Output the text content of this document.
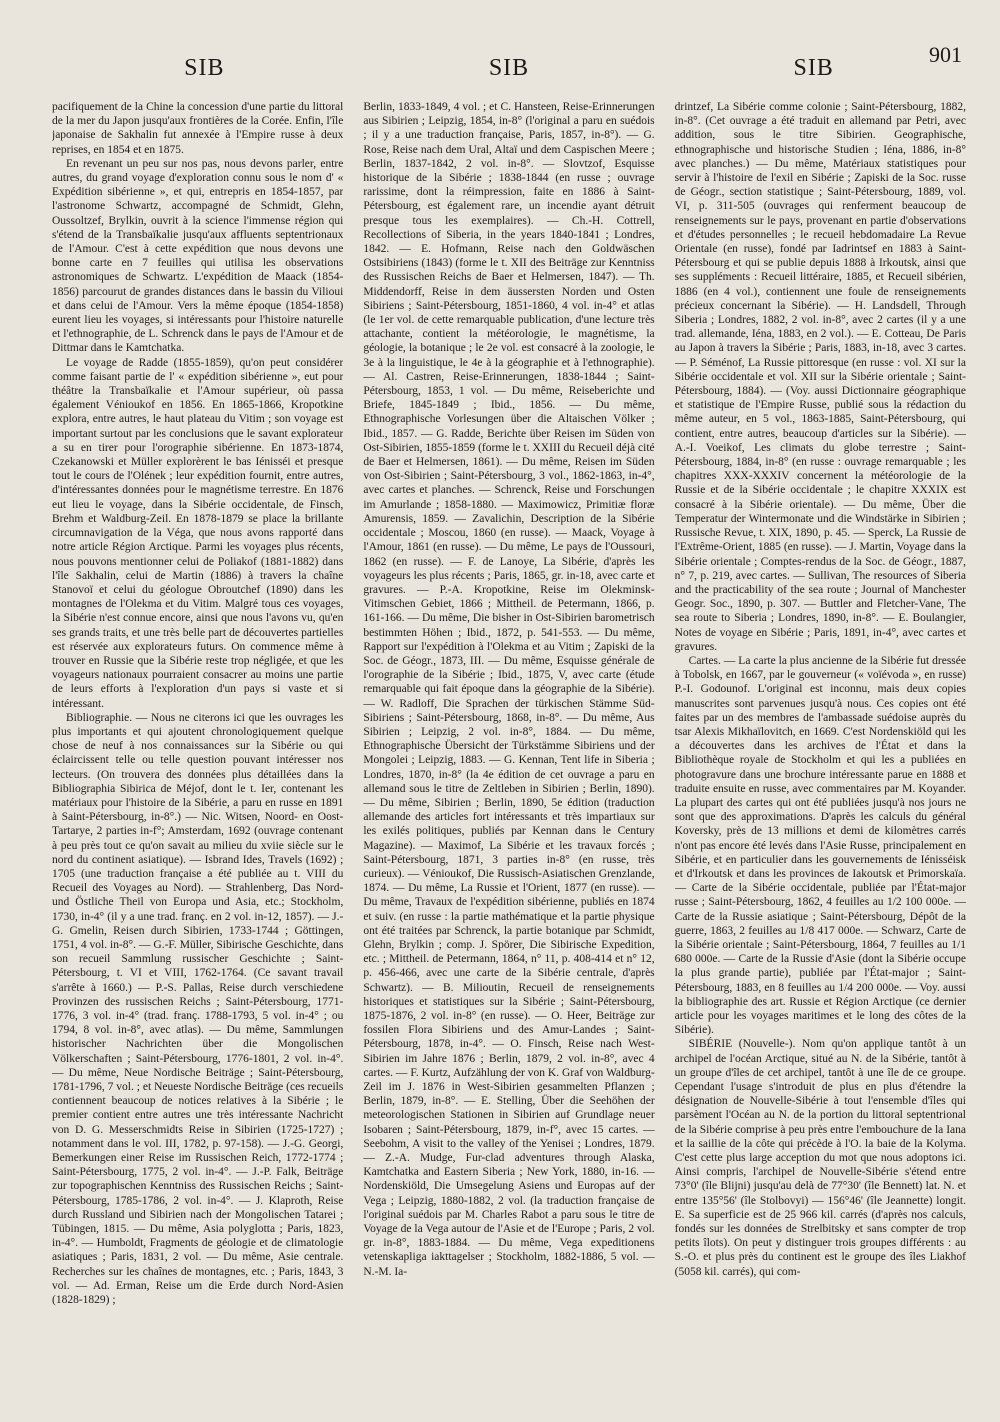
SIB	SIB	SIB
901

pacifiquement de la Chine la concession d'une partie du littoral de la mer du Japon jusqu'aux frontières de la Corée. Enfin, l'île japonaise de Sakhalin fut annexée à l'Empire russe à deux reprises, en 1854 et en 1875.

En revenant un peu sur nos pas, nous devons parler, entre autres, du grand voyage d'exploration connu sous le nom d' « Expédition sibérienne », et qui, entrepris en 1854-1857, par l'astronome Schwartz, accompagné de Schmidt, Glehn, Oussoltzef, Brylkin, ouvrit à la science l'immense région qui s'étend de la Transbaïkalie jusqu'aux affluents septentrionaux de l'Amour. C'est à cette expédition que nous devons une bonne carte en 7 feuilles qui utilisa les observations astronomiques de Schwartz. L'expédition de Maack (1854-1856) parcourut de grandes distances dans le bassin du Vilioui et dans celui de l'Amour. Vers la même époque (1854-1858) eurent lieu les voyages, si intéressants pour l'histoire naturelle et l'ethnographie, de L. Schrenck dans le pays de l'Amour et de Dittmar dans le Kamtchatka.

Le voyage de Radde (1855-1859), qu'on peut considérer comme faisant partie de l' « expédition sibérienne », eut pour théâtre la Transbaïkalie et l'Amour supérieur, où passa également Vénioukof en 1856. En 1865-1866, Kropotkine explora, entre autres, le haut plateau du Vitim ; son voyage est important surtout par les conclusions que le savant explorateur a su en tirer pour l'orographie sibérienne. En 1873-1874, Czekanowski et Müller explorèrent le bas Iénisséi et presque tout le cours de l'Olének ; leur expédition fournit, entre autres, d'intéressantes données pour le magnétisme terrestre. En 1876 eut lieu le voyage, dans la Sibérie occidentale, de Finsch, Brehm et Waldburg-Zeil. En 1878-1879 se place la brillante circumnavigation de la Véga, que nous avons rapporté dans notre article Région Arctique. Parmi les voyages plus récents, nous pouvons mentionner celui de Poliakof (1881-1882) dans l'île Sakhalin, celui de Martin (1886) à travers la chaîne Stanovoï et celui du géologue Obroutchef (1890) dans les montagnes de l'Olekma et du Vitim. Malgré tous ces voyages, la Sibérie n'est connue encore, ainsi que nous l'avons vu, qu'en ses grands traits, et une très belle part de découvertes partielles est réservée aux explorateurs futurs. On commence même à trouver en Russie que la Sibérie reste trop négligée, et que les voyageurs nationaux pourraient consacrer au moins une partie de leurs efforts à l'exploration d'un pays si vaste et si intéressant.

Bibliographie. — Nous ne citerons ici que les ouvrages les plus importants et qui ajoutent chronologiquement quelque chose de neuf à nos connaissances sur la Sibérie ou qui éclaircissent telle ou telle question pouvant intéresser nos lecteurs. (On trouvera des données plus détaillées dans la Bibliographia Sibirica de Méjof, dont le t. Ier, contenant les matériaux pour l'histoire de la Sibérie, a paru en russe en 1891 à Saint-Pétersbourg, in-8°.) — Nic. Witsen, Noord- en Oost-Tartarye, 2 parties in-f°; Amsterdam, 1692 (ouvrage contenant à peu près tout ce qu'on savait au milieu du xviie siècle sur le nord du continent asiatique). — Isbrand Ides, Travels (1692) ; 1705 (une traduction française a été publiée au t. VIII du Recueil des Voyages au Nord). — Strahlenberg, Das Nord- und Östliche Theil von Europa und Asia, etc.; Stockholm, 1730, in-4° (il y a une trad. franç. en 2 vol. in-12, 1857). — J.-G. Gmelin, Reisen durch Sibirien, 1733-1744 ; Göttingen, 1751, 4 vol. in-8°. — G.-F. Müller, Sibirische Geschichte, dans son recueil Sammlung russischer Geschichte ; Saint-Pétersbourg, t. VI et VIII, 1762-1764. (Ce savant travail s'arrête à 1660.) — P.-S. Pallas, Reise durch verschiedene Provinzen des russischen Reichs ; Saint-Pétersbourg, 1771-1776, 3 vol. in-4° (trad. franç. 1788-1793, 5 vol. in-4° ; ou 1794, 8 vol. in-8°, avec atlas). — Du même, Sammlungen historischer Nachrichten über die Mongolischen Völkerschaften ; Saint-Pétersbourg, 1776-1801, 2 vol. in-4°. — Du même, Neue Nordische Beiträge ; Saint-Pétersbourg, 1781-1796, 7 vol. ; et Neueste Nordische Beiträge (ces recueils contiennent beaucoup de notices relatives à la Sibérie ; le premier contient entre autres une très intéressante Nachricht von D. G. Messerschmidts Reise in Sibirien (1725-1727) ; notamment dans le vol. III, 1782, p. 97-158). — J.-G. Georgi, Bemerkungen einer Reise im Russischen Reich, 1772-1774 ; Saint-Pétersbourg, 1775, 2 vol. in-4°. — J.-P. Falk, Beiträge zur topographischen Kenntniss des Russischen Reichs ; Saint-Pétersbourg, 1785-1786, 2 vol. in-4°. — J. Klaproth, Reise durch Russland und Sibirien nach der Mongolischen Tatarei ; Tübingen, 1815. — Du même, Asia polyglotta ; Paris, 1823, in-4°. — Humboldt, Fragments de géologie et de climatologie asiatiques ; Paris, 1831, 2 vol. — Du même, Asie centrale. Recherches sur les chaînes de montagnes, etc. ; Paris, 1843, 3 vol. — Ad. Erman, Reise um die Erde durch Nord-Asien (1828-1829) ;

Berlin, 1833-1849, 4 vol. ; et C. Hansteen, Reise-Erinnerungen aus Sibirien ; Leipzig, 1854, in-8° (l'original a paru en suédois ; il y a une traduction française, Paris, 1857, in-8°). — G. Rose, Reise nach dem Ural, Altaï und dem Caspischen Meere ; Berlin, 1837-1842, 2 vol. in-8°. — Slovtzof, Esquisse historique de la Sibérie ; 1838-1844 (en russe ; ouvrage rarissime, dont la réimpression, faite en 1886 à Saint-Pétersbourg, est également rare, un incendie ayant détruit presque tous les exemplaires). — Ch.-H. Cottrell, Recollections of Siberia, in the years 1840-1841 ; Londres, 1842. — E. Hofmann, Reise nach den Goldwäschen Ostsibiriens (1843) (forme le t. XII des Beiträge zur Kenntniss des Russischen Reichs de Baer et Helmersen, 1847). — Th. Middendorff, Reise in dem äussersten Norden und Osten Sibiriens ; Saint-Pétersbourg, 1851-1860, 4 vol. in-4° et atlas (le 1er vol. de cette remarquable publication, d'une lecture très attachante, contient la météorologie, le magnétisme, la géologie, la botanique ; le 2e vol. est consacré à la zoologie, le 3e à la linguistique, le 4e à la géographie et à l'ethnographie). — Al. Castren, Reise-Erinnerungen, 1838-1844 ; Saint-Pétersbourg, 1853, 1 vol. — Du même, Reiseberichte und Briefe, 1845-1849 ; Ibid., 1856. — Du même, Ethnographische Vorlesungen über die Altaischen Völker ; Ibid., 1857. — G. Radde, Berichte über Reisen im Süden von Ost-Sibirien, 1855-1859 (forme le t. XXIII du Recueil déjà cité de Baer et Helmersen, 1861). — Du même, Reisen im Süden von Ost-Sibirien ; Saint-Pétersbourg, 3 vol., 1862-1863, in-4°, avec cartes et planches. — Schrenck, Reise und Forschungen im Amurlande ; 1858-1880. — Maximowicz, Primitiæ floræ Amurensis, 1859. — Zavalichin, Description de la Sibérie occidentale ; Moscou, 1860 (en russe). — Maack, Voyage à l'Amour, 1861 (en russe). — Du même, Le pays de l'Oussouri, 1862 (en russe). — F. de Lanoye, La Sibérie, d'après les voyageurs les plus récents ; Paris, 1865, gr. in-18, avec carte et gravures. — P.-A. Kropotkine, Reise im Olekminsk-Vitimschen Gebiet, 1866 ; Mittheil. de Petermann, 1866, p. 161-166. — Du même, Die bisher in Ost-Sibirien barometrisch bestimmten Höhen ; Ibid., 1872, p. 541-553. — Du même, Rapport sur l'expédition à l'Olekma et au Vitim ; Zapiski de la Soc. de Géogr., 1873, III. — Du même, Esquisse générale de l'orographie de la Sibérie ; Ibid., 1875, V, avec carte (étude remarquable qui fait époque dans la géographie de la Sibérie). — W. Radloff, Die Sprachen der türkischen Stämme Süd-Sibiriens ; Saint-Pétersbourg, 1868, in-8°. — Du même, Aus Sibirien ; Leipzig, 2 vol. in-8°, 1884. — Du même, Ethnographische Übersicht der Türkstämme Sibiriens und der Mongolei ; Leipzig, 1883. — G. Kennan, Tent life in Siberia ; Londres, 1870, in-8° (la 4e édition de cet ouvrage a paru en allemand sous le titre de Zeltleben in Sibirien ; Berlin, 1890). — Du même, Sibirien ; Berlin, 1890, 5e édition (traduction allemande des articles fort intéressants et très impartiaux sur les exilés politiques, publiés par Kennan dans le Century Magazine). — Maximof, La Sibérie et les travaux forcés ; Saint-Pétersbourg, 1871, 3 parties in-8° (en russe, très curieux). — Vénioukof, Die Russisch-Asiatischen Grenzlande, 1874. — Du même, La Russie et l'Orient, 1877 (en russe). — Du même, Travaux de l'expédition sibérienne, publiés en 1874 et suiv. (en russe : la partie mathématique et la partie physique ont été traitées par Schrenck, la partie botanique par Schmidt, Glehn, Brylkin ; comp. J. Spörer, Die Sibirische Expedition, etc. ; Mittheil. de Petermann, 1864, n° 11, p. 408-414 et n° 12, p. 456-466, avec une carte de la Sibérie centrale, d'après Schwartz). — B. Milioutin, Recueil de renseignements historiques et statistiques sur la Sibérie ; Saint-Pétersbourg, 1875-1876, 2 vol. in-8° (en russe). — O. Heer, Beiträge zur fossilen Flora Sibiriens und des Amur-Landes ; Saint-Pétersbourg, 1878, in-4°. — O. Finsch, Reise nach West-Sibirien im Jahre 1876 ; Berlin, 1879, 2 vol. in-8°, avec 4 cartes. — F. Kurtz, Aufzählung der von K. Graf von Waldburg-Zeil im J. 1876 in West-Sibirien gesammelten Pflanzen ; Berlin, 1879, in-8°. — E. Stelling, Über die Seehöhen der meteorologischen Stationen in Sibirien auf Grundlage neuer Isobaren ; Saint-Pétersbourg, 1879, in-f°, avec 15 cartes. — Seebohm, A visit to the valley of the Yenisei ; Londres, 1879. — Z.-A. Mudge, Fur-clad adventures through Alaska, Kamtchatka and Eastern Siberia ; New York, 1880, in-16. — Nordenskiöld, Die Umsegelung Asiens und Europas auf der Vega ; Leipzig, 1880-1882, 2 vol. (la traduction française de l'original suédois par M. Charles Rabot a paru sous le titre de Voyage de la Vega autour de l'Asie et de l'Europe ; Paris, 2 vol. gr. in-8°, 1883-1884. — Du même, Vega expeditionens vetenskapliga iakttagelser ; Stockholm, 1882-1886, 5 vol. — N.-M. Ia-

drintzef, La Sibérie comme colonie ; Saint-Pétersbourg, 1882, in-8°. (Cet ouvrage a été traduit en allemand par Petri, avec addition, sous le titre Sibirien. Geographische, ethnographische und historische Studien ; Iéna, 1886, in-8° avec planches.) — Du même, Matériaux statistiques pour servir à l'histoire de l'exil en Sibérie ; Zapiski de la Soc. russe de Géogr., section statistique ; Saint-Pétersbourg, 1889, vol. VI, p. 311-505 (ouvrages qui renferment beaucoup de renseignements sur le pays, provenant en partie d'observations et d'études personnelles ; le recueil hebdomadaire La Revue Orientale (en russe), fondé par Iadrintsef en 1883 à Saint-Pétersbourg et qui se publie depuis 1888 à Irkoutsk, ainsi que ses suppléments : Recueil littéraire, 1885, et Recueil sibérien, 1886 (en 4 vol.), contiennent une foule de renseignements précieux concernant la Sibérie). — H. Landsdell, Through Siberia ; Londres, 1882, 2 vol. in-8°, avec 2 cartes (il y a une trad. allemande, Iéna, 1883, en 2 vol.). — E. Cotteau, De Paris au Japon à travers la Sibérie ; Paris, 1883, in-18, avec 3 cartes. — P. Séménof, La Russie pittoresque (en russe : vol. XI sur la Sibérie occidentale et vol. XII sur la Sibérie orientale ; Saint-Pétersbourg, 1884). — (Voy. aussi Dictionnaire géographique et statistique de l'Empire Russe, publié sous la rédaction du même auteur, en 5 vol., 1863-1885, Saint-Pétersbourg, qui contient, entre autres, beaucoup d'articles sur la Sibérie). — A.-I. Voeikof, Les climats du globe terrestre ; Saint-Pétersbourg, 1884, in-8° (en russe : ouvrage remarquable ; les chapitres XXX-XXXIV concernent la météorologie de la Russie et de la Sibérie occidentale ; le chapitre XXXIX est consacré à la Sibérie orientale). — Du même, Über die Temperatur der Wintermonate und die Windstärke in Sibirien ; Russische Revue, t. XIX, 1890, p. 45. — Sperck, La Russie de l'Extrême-Orient, 1885 (en russe). — J. Martin, Voyage dans la Sibérie orientale ; Comptes-rendus de la Soc. de Géogr., 1887, n° 7, p. 219, avec cartes. — Sullivan, The resources of Siberia and the practicability of the sea route ; Journal of Manchester Geogr. Soc., 1890, p. 307. — Buttler and Fletcher-Vane, The sea route to Siberia ; Londres, 1890, in-8°. — E. Boulangier, Notes de voyage en Sibérie ; Paris, 1891, in-4°, avec cartes et gravures.

Cartes. — La carte la plus ancienne de la Sibérie fut dressée à Tobolsk, en 1667, par le gouverneur (« voïévoda », en russe) P.-I. Godounof. L'original est inconnu, mais deux copies manuscrites sont parvenues jusqu'à nous. Ces copies ont été faites par un des membres de l'ambassade suédoise auprès du tsar Alexis Mikhaïlovitch, en 1669. C'est Nordenskiöld qui les a découvertes dans les archives de l'État et dans la Bibliothèque royale de Stockholm et qui les a publiées en photogravure dans une brochure intéressante parue en 1888 et traduite ensuite en russe, avec commentaires par M. Koyander. La plupart des cartes qui ont été publiées jusqu'à nos jours ne sont que des approximations. D'après les calculs du général Koversky, près de 13 millions et demi de kilomètres carrés n'ont pas encore été levés dans l'Asie Russe, principalement en Sibérie, et en particulier dans les gouvernements de Iénisséisk et d'Irkoutsk et dans les provinces de Iakoutsk et Primorskaïa. — Carte de la Sibérie occidentale, publiée par l'État-major russe ; Saint-Pétersbourg, 1862, 4 feuilles au 1/2 100 000e. — Carte de la Russie asiatique ; Saint-Pétersbourg, Dépôt de la guerre, 1863, 2 feuilles au 1/8 417 000e. — Schwarz, Carte de la Sibérie orientale ; Saint-Pétersbourg, 1864, 7 feuilles au 1/1 680 000e. — Carte de la Russie d'Asie (dont la Sibérie occupe la plus grande partie), publiée par l'État-major ; Saint-Pétersbourg, 1883, en 8 feuilles au 1/4 200 000e. — Voy. aussi la bibliographie des art. Russie et Région Arctique (ce dernier article pour les voyages maritimes et le long des côtes de la Sibérie).

SIBÉRIE (Nouvelle-). Nom qu'on applique tantôt à un archipel de l'océan Arctique, situé au N. de la Sibérie, tantôt à un groupe d'îles de cet archipel, tantôt à une île de ce groupe. Cependant l'usage s'introduit de plus en plus d'étendre la désignation de Nouvelle-Sibérie à tout l'ensemble d'îles qui parsèment l'Océan au N. de la portion du littoral septentrional de la Sibérie comprise à peu près entre l'embouchure de la Iana et la saillie de la côte qui précède à l'O. la baie de la Kolyma. C'est cette plus large acception du mot que nous adoptons ici. Ainsi compris, l'archipel de Nouvelle-Sibérie s'étend entre 73°0' (île Blijni) jusqu'au delà de 77°30' (île Bennett) lat. N. et entre 135°56' (île Stolbovyi) — 156°46' (île Jeannette) longit. E. Sa superficie est de 25 966 kil. carrés (d'après nos calculs, fondés sur les données de Strelbitsky et sans compter de trop petits îlots). On peut y distinguer trois groupes différents : au S.-O. et plus près du continent est le groupe des îles Liakhof (5058 kil. carrés), qui com-
